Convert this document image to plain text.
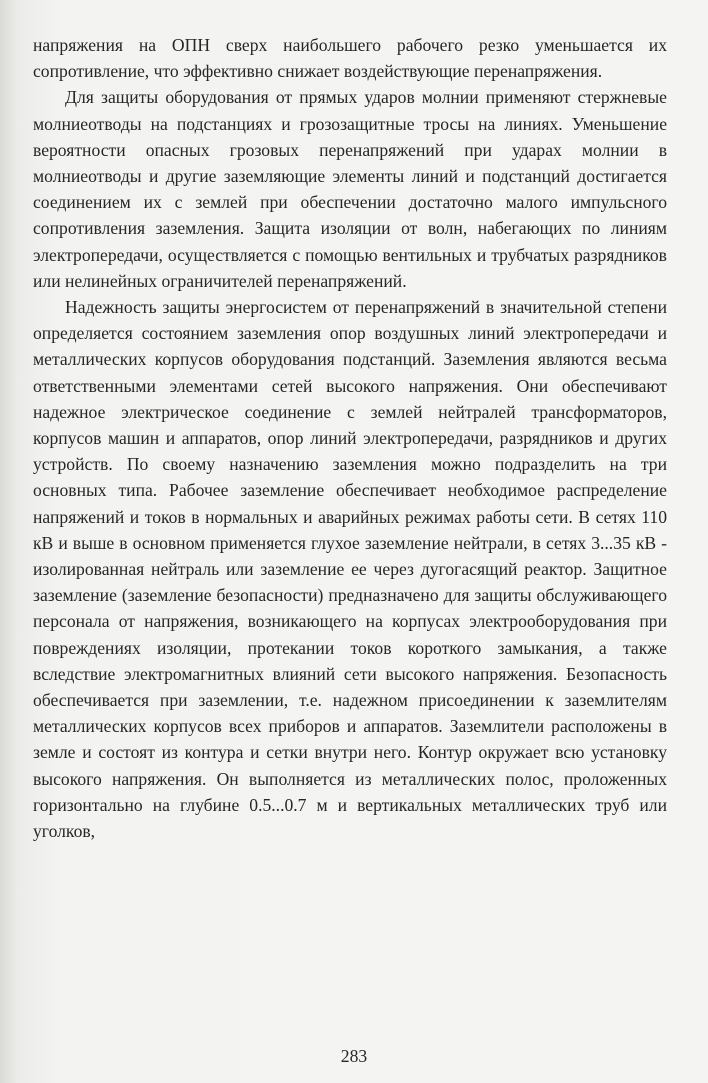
напряжения на ОПН сверх наибольшего рабочего резко уменьшается их сопротивление, что эффективно снижает воздействующие перенапряжения.

Для защиты оборудования от прямых ударов молнии применяют стержневые молниеотводы на подстанциях и грозозащитные тросы на линиях. Уменьшение вероятности опасных грозовых перенапряжений при ударах молнии в молниеотводы и другие заземляющие элементы линий и подстанций достигается соединением их с землей при обеспечении достаточно малого импульсного сопротивления заземления. Защита изоляции от волн, набегающих по линиям электропередачи, осуществляется с помощью вентильных и трубчатых разрядников или нелинейных ограничителей перенапряжений.

Надежность защиты энергосистем от перенапряжений в значительной степени определяется состоянием заземления опор воздушных линий электропередачи и металлических корпусов оборудования подстанций. Заземления являются весьма ответственными элементами сетей высокого напряжения. Они обеспечивают надежное электрическое соединение с землей нейтралей трансформаторов, корпусов машин и аппаратов, опор линий электропередачи, разрядников и других устройств. По своему назначению заземления можно подразделить на три основных типа. Рабочее заземление обеспечивает необходимое распределение напряжений и токов в нормальных и аварийных режимах работы сети. В сетях 110 кВ и выше в основном применяется глухое заземление нейтрали, в сетях 3...35 кВ - изолированная нейтраль или заземление ее через дугогасящий реактор. Защитное заземление (заземление безопасности) предназначено для защиты обслуживающего персонала от напряжения, возникающего на корпусах электрооборудования при повреждениях изоляции, протекании токов короткого замыкания, а также вследствие электромагнитных влияний сети высокого напряжения. Безопасность обеспечивается при заземлении, т.е. надежном присоединении к заземлителям металлических корпусов всех приборов и аппаратов. Заземлители расположены в земле и состоят из контура и сетки внутри него. Контур окружает всю установку высокого напряжения. Он выполняется из металлических полос, проложенных горизонтально на глубине 0.5...0.7 м и вертикальных металлических труб или уголков,

283
